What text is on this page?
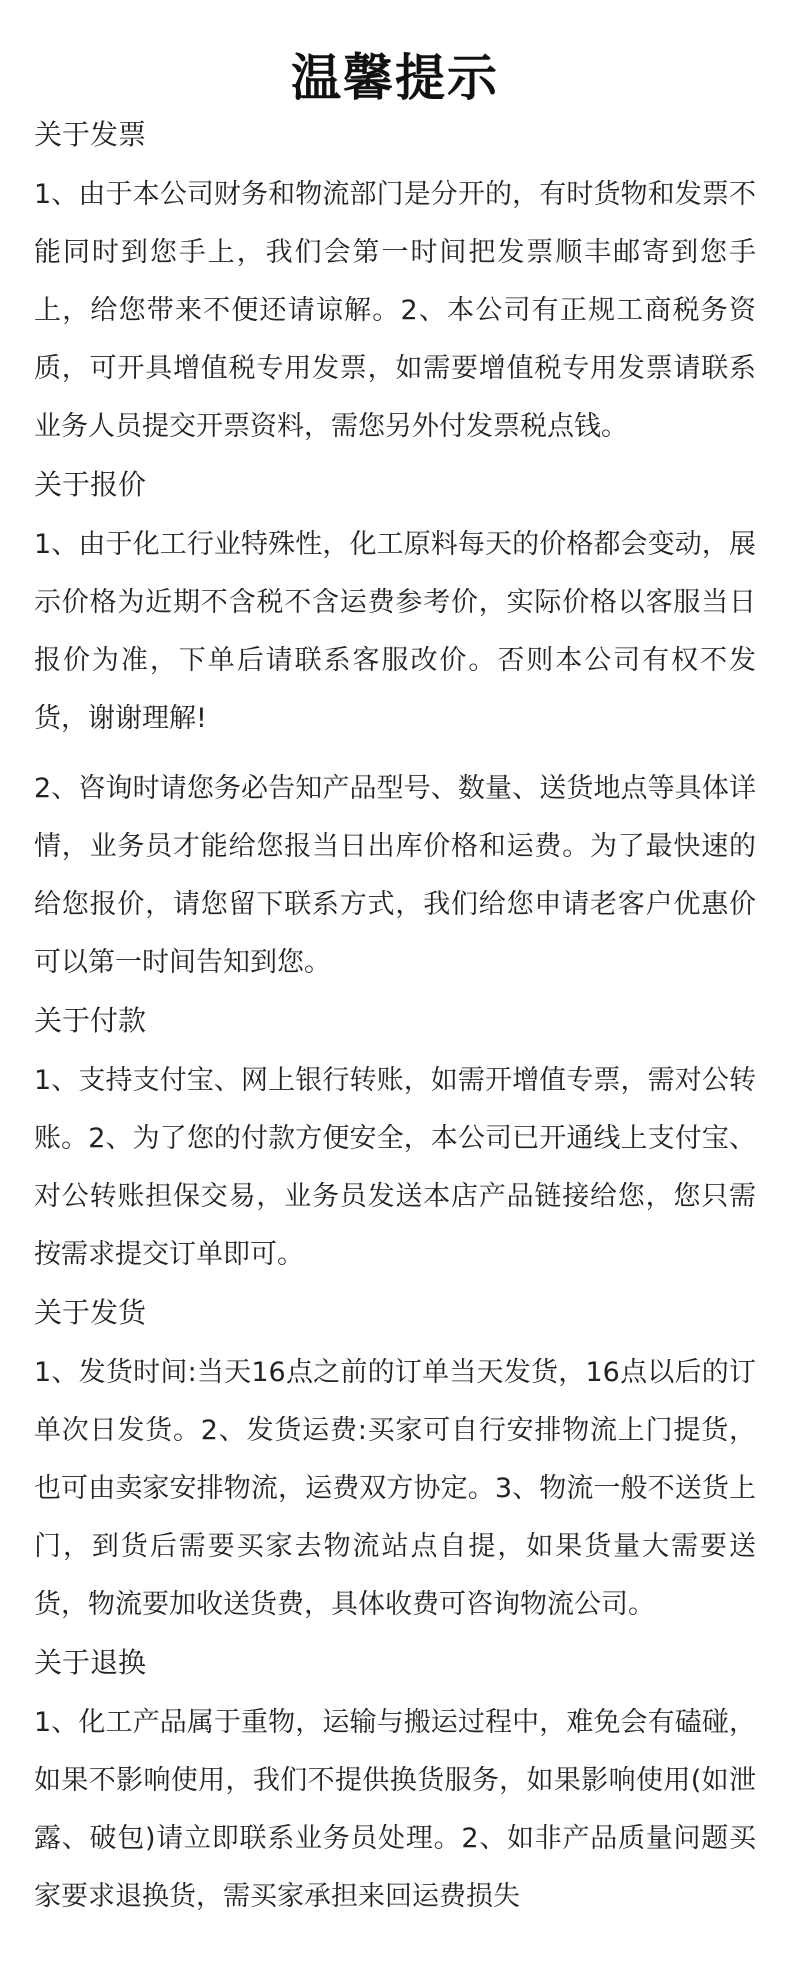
温馨提示
关于发票

1、由于本公司财务和物流部门是分开的，有时货物和发票不能同时到您手上，我们会第一时间把发票顺丰邮寄到您手上，给您带来不便还请谅解。2、本公司有正规工商税务资质，可开具增值税专用发票，如需要增值税专用发票请联系业务人员提交开票资料，需您另外付发票税点钱。

关于报价

1、由于化工行业特殊性，化工原料每天的价格都会变动，展示价格为近期不含税不含运费参考价，实际价格以客服当日报价为准，下单后请联系客服改价。否则本公司有权不发货，谢谢理解!

2、咨询时请您务必告知产品型号、数量、送货地点等具体详情，业务员才能给您报当日出库价格和运费。为了最快速的给您报价，请您留下联系方式，我们给您申请老客户优惠价可以第一时间告知到您。

关于付款

1、支持支付宝、网上银行转账，如需开增值专票，需对公转账。2、为了您的付款方便安全，本公司已开通线上支付宝、对公转账担保交易，业务员发送本店产品链接给您，您只需按需求提交订单即可。

关于发货

1、发货时间:当天16点之前的订单当天发货，16点以后的订单次日发货。2、发货运费:买家可自行安排物流上门提货，也可由卖家安排物流，运费双方协定。3、物流一般不送货上门，到货后需要买家去物流站点自提，如果货量大需要送货，物流要加收送货费，具体收费可咨询物流公司。

关于退换

1、化工产品属于重物，运输与搬运过程中，难免会有磕碰，如果不影响使用，我们不提供换货服务，如果影响使用(如泄露、破包)请立即联系业务员处理。2、如非产品质量问题买家要求退换货，需买家承担来回运费损失
